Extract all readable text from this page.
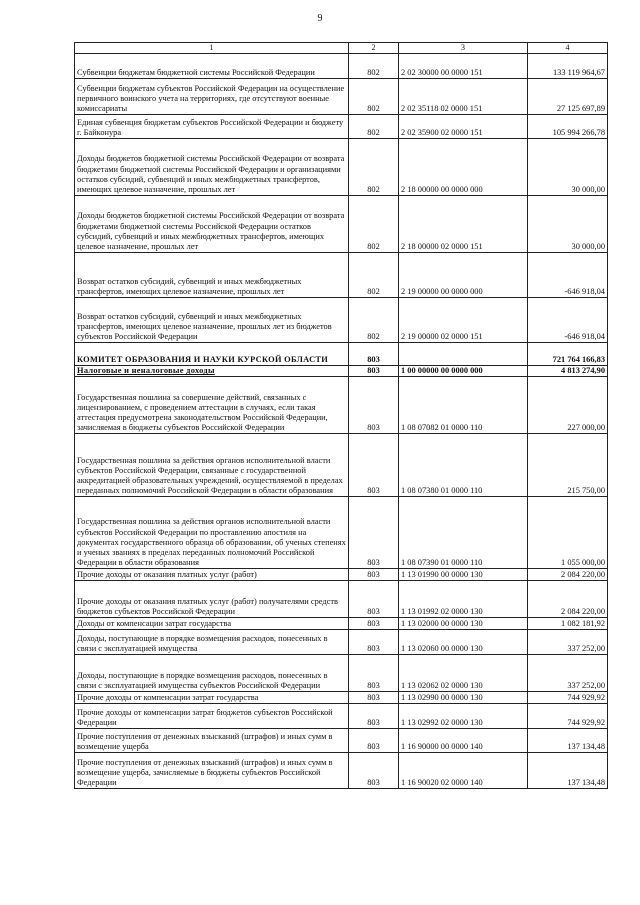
9
1	2	3	4
Субвенции бюджетам бюджетной системы Российской Федерации	802	2 02 30000 00 0000 151	133 119 964,67
Субвенции бюджетам субъектов Российской Федерации на осуществление первичного воинского учета на территориях, где отсутствуют военные комиссариаты	802	2 02 35118 02 0000 151	27 125 697,89
Единая субвенция бюджетам субъектов Российской Федерации и бюджету г. Байконура	802	2 02 35900 02 0000 151	105 994 266,78
Доходы бюджетов бюджетной системы Российской Федерации от возврата бюджетами бюджетной системы Российской Федерации и организациями остатков субсидий, субвенций и иных межбюджетных трансфертов, имеющих целевое назначение, прошлых лет	802	2 18 00000 00 0000 000	30 000,00
Доходы бюджетов бюджетной системы Российской Федерации от возврата бюджетами бюджетной системы Российской Федерации остатков субсидий, субвенций и иных межбюджетных трансфертов, имеющих целевое назначение, прошлых лет	802	2 18 00000 02 0000 151	30 000,00
Возврат остатков субсидий, субвенций и иных межбюджетных трансфертов, имеющих целевое назначение, прошлых лет	802	2 19 00000 00 0000 000	-646 918,04
Возврат остатков субсидий, субвенций и иных межбюджетных трансфертов, имеющих целевое назначение, прошлых лет из бюджетов субъектов Российской Федерации	802	2 19 00000 02 0000 151	-646 918,04
КОМИТЕТ ОБРАЗОВАНИЯ И НАУКИ КУРСКОЙ ОБЛАСТИ	803		721 764 166,83
Налоговые и неналоговые доходы	803	1 00 00000 00 0000 000	4 813 274,90
Государственная пошлина за совершение действий, связанных с лицензированием, с проведением аттестации в случаях, если такая аттестация предусмотрена законодательством Российской Федерации, зачисляемая в бюджеты субъектов Российской Федерации	803	1 08 07082 01 0000 110	227 000,00
Государственная пошлина за действия органов исполнительной власти субъектов Российской Федерации, связанные с государственной аккредитацией образовательных учреждений, осуществляемой в пределах переданных полномочий Российской Федерации в области образования	803	1 08 07380 01 0000 110	215 750,00
Государственная пошлина за действия органов исполнительной власти субъектов Российской Федерации по проставлению апостиля на документах государственного образца об образовании, об ученых степенях и ученых званиях в пределах переданных полномочий Российской Федерации в области образования	803	1 08 07390 01 0000 110	1 055 000,00
Прочие доходы от оказания платных услуг (работ)	803	1 13 01990 00 0000 130	2 084 220,00
Прочие доходы от оказания платных услуг (работ) получателями средств бюджетов субъектов Российской Федерации	803	1 13 01992 02 0000 130	2 084 220,00
Доходы от компенсации затрат государства	803	1 13 02000 00 0000 130	1 082 181,92
Доходы, поступающие в порядке возмещения расходов, понесенных в связи с эксплуатацией имущества	803	1 13 02060 00 0000 130	337 252,00
Доходы, поступающие в порядке возмещения расходов, понесенных в связи с эксплуатацией имущества субъектов Российской Федерации	803	1 13 02062 02 0000 130	337 252,00
Прочие доходы от компенсации затрат государства	803	1 13 02990 00 0000 130	744 929,92
Прочие доходы от компенсации затрат бюджетов субъектов Российской Федерации	803	1 13 02992 02 0000 130	744 929,92
Прочие поступления от денежных взысканий (штрафов) и иных сумм в возмещение ущерба	803	1 16 90000 00 0000 140	137 134,48
Прочие поступления от денежных взысканий (штрафов) и иных сумм в возмещение ущерба, зачисляемые в бюджеты субъектов Российской Федерации	803	1 16 90020 02 0000 140	137 134,48
